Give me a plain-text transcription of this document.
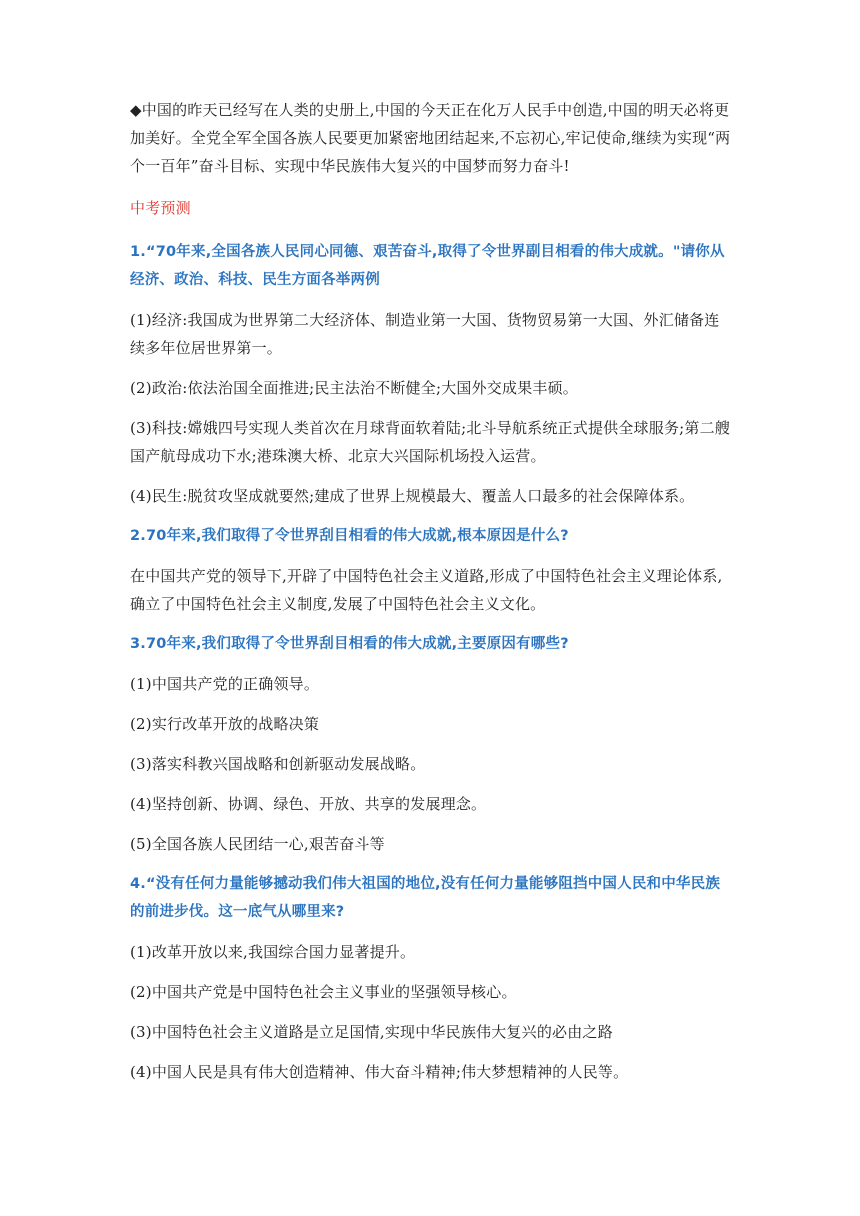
◆中国的昨天已经写在人类的史册上,中国的今天正在化万人民手中创造,中国的明天必将更加美好。全党全军全国各族人民要更加紧密地团结起来,不忘初心,牢记使命,继续为实现“两个一百年”奋斗目标、实现中华民族伟大复兴的中国梦而努力奋斗!

中考预测

1.“70年来,全国各族人民同心同德、艰苦奋斗,取得了令世界副目相看的伟大成就。"请你从经济、政治、科技、民生方面各举两例

(1)经济:我国成为世界第二大经济体、制造业第一大国、货物贸易第一大国、外汇储备连续多年位居世界第一。

(2)政治:依法治国全面推进;民主法治不断健全;大国外交成果丰硕。

(3)科技:嫦娥四号实现人类首次在月球背面软着陆;北斗导航系统正式提供全球服务;第二艘国产航母成功下水;港珠澳大桥、北京大兴国际机场投入运营。

(4)民生:脱贫攻坚成就要然;建成了世界上规模最大、覆盖人口最多的社会保障体系。

2.70年来,我们取得了令世界刮目相看的伟大成就,根本原因是什么?

在中国共产党的领导下,开辟了中国特色社会主义道路,形成了中国特色社会主义理论体系,确立了中国特色社会主义制度,发展了中国特色社会主义文化。

3.70年来,我们取得了令世界刮目相看的伟大成就,主要原因有哪些?

(1)中国共产党的正确领导。

(2)实行改革开放的战略决策

(3)落实科教兴国战略和创新驱动发展战略。

(4)坚持创新、协调、绿色、开放、共享的发展理念。

(5)全国各族人民团结一心,艰苦奋斗等

4.“没有任何力量能够撼动我们伟大祖国的地位,没有任何力量能够阻挡中国人民和中华民族的前进步伐。这一底气从哪里来?

(1)改革开放以来,我国综合国力显著提升。

(2)中国共产党是中国特色社会主义事业的坚强领导核心。

(3)中国特色社会主义道路是立足国情,实现中华民族伟大复兴的必由之路

(4)中国人民是具有伟大创造精神、伟大奋斗精神;伟大梦想精神的人民等。
